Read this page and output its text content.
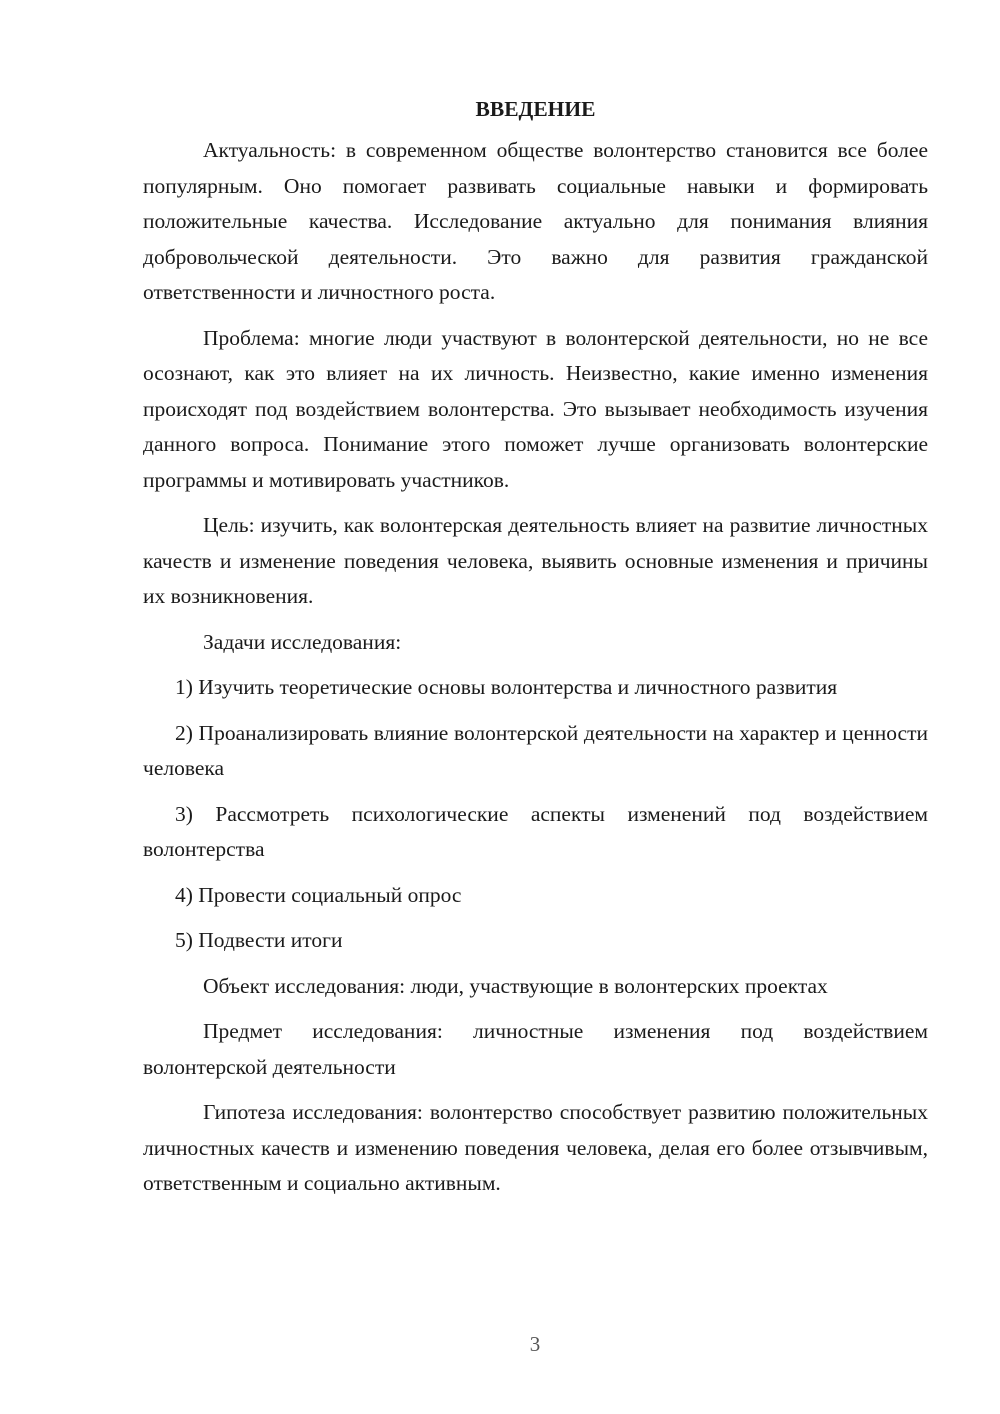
ВВЕДЕНИЕ

Актуальность: в современном обществе волонтерство становится все более популярным. Оно помогает развивать социальные навыки и формировать положительные качества. Исследование актуально для понимания влияния добровольческой деятельности. Это важно для развития гражданской ответственности и личностного роста.

Проблема: многие люди участвуют в волонтерской деятельности, но не все осознают, как это влияет на их личность. Неизвестно, какие именно изменения происходят под воздействием волонтерства. Это вызывает необходимость изучения данного вопроса. Понимание этого поможет лучше организовать волонтерские программы и мотивировать участников.

Цель: изучить, как волонтерская деятельность влияет на развитие личностных качеств и изменение поведения человека, выявить основные изменения и причины их возникновения.

Задачи исследования:

1) Изучить теоретические основы волонтерства и личностного развития

2) Проанализировать влияние волонтерской деятельности на характер и ценности человека

3) Рассмотреть психологические аспекты изменений под воздействием волонтерства

4) Провести социальный опрос

5) Подвести итоги

Объект исследования: люди, участвующие в волонтерских проектах

Предмет исследования: личностные изменения под воздействием волонтерской деятельности

Гипотеза исследования: волонтерство способствует развитию положительных личностных качеств и изменению поведения человека, делая его более отзывчивым, ответственным и социально активным.

3
